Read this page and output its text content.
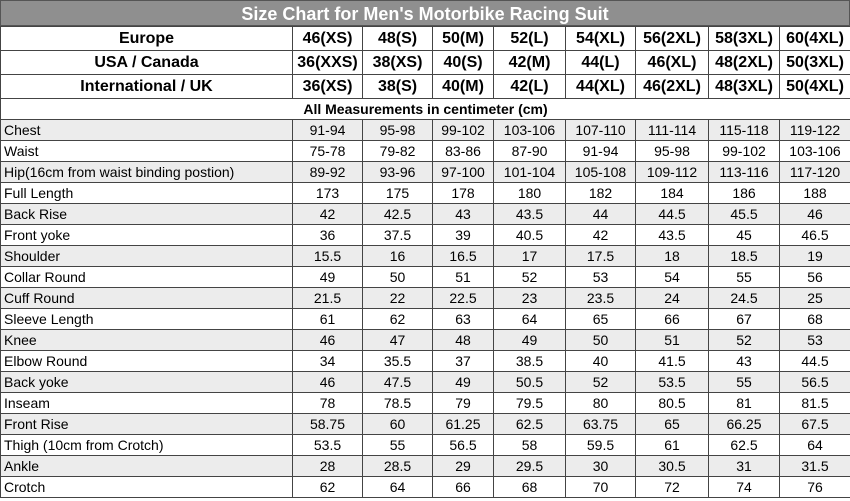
Size Chart for Men's Motorbike Racing Suit
Europe	46(XS)	48(S)	50(M)	52(L)	54(XL)	56(2XL)	58(3XL)	60(4XL)
USA / Canada	36(XXS)	38(XS)	40(S)	42(M)	44(L)	46(XL)	48(2XL)	50(3XL)
International / UK	36(XS)	38(S)	40(M)	42(L)	44(XL)	46(2XL)	48(3XL)	50(4XL)
All Measurements in centimeter (cm)								
Chest	91-94	95-98	99-102	103-106	107-110	111-114	115-118	119-122
Waist	75-78	79-82	83-86	87-90	91-94	95-98	99-102	103-106
Hip(16cm from waist binding postion)	89-92	93-96	97-100	101-104	105-108	109-112	113-116	117-120
Full Length	173	175	178	180	182	184	186	188
Back Rise	42	42.5	43	43.5	44	44.5	45.5	46
Front yoke	36	37.5	39	40.5	42	43.5	45	46.5
Shoulder	15.5	16	16.5	17	17.5	18	18.5	19
Collar Round	49	50	51	52	53	54	55	56
Cuff Round	21.5	22	22.5	23	23.5	24	24.5	25
Sleeve Length	61	62	63	64	65	66	67	68
Knee	46	47	48	49	50	51	52	53
Elbow Round	34	35.5	37	38.5	40	41.5	43	44.5
Back yoke	46	47.5	49	50.5	52	53.5	55	56.5
Inseam	78	78.5	79	79.5	80	80.5	81	81.5
Front Rise	58.75	60	61.25	62.5	63.75	65	66.25	67.5
Thigh (10cm from Crotch)	53.5	55	56.5	58	59.5	61	62.5	64
Ankle	28	28.5	29	29.5	30	30.5	31	31.5
Crotch	62	64	66	68	70	72	74	76
